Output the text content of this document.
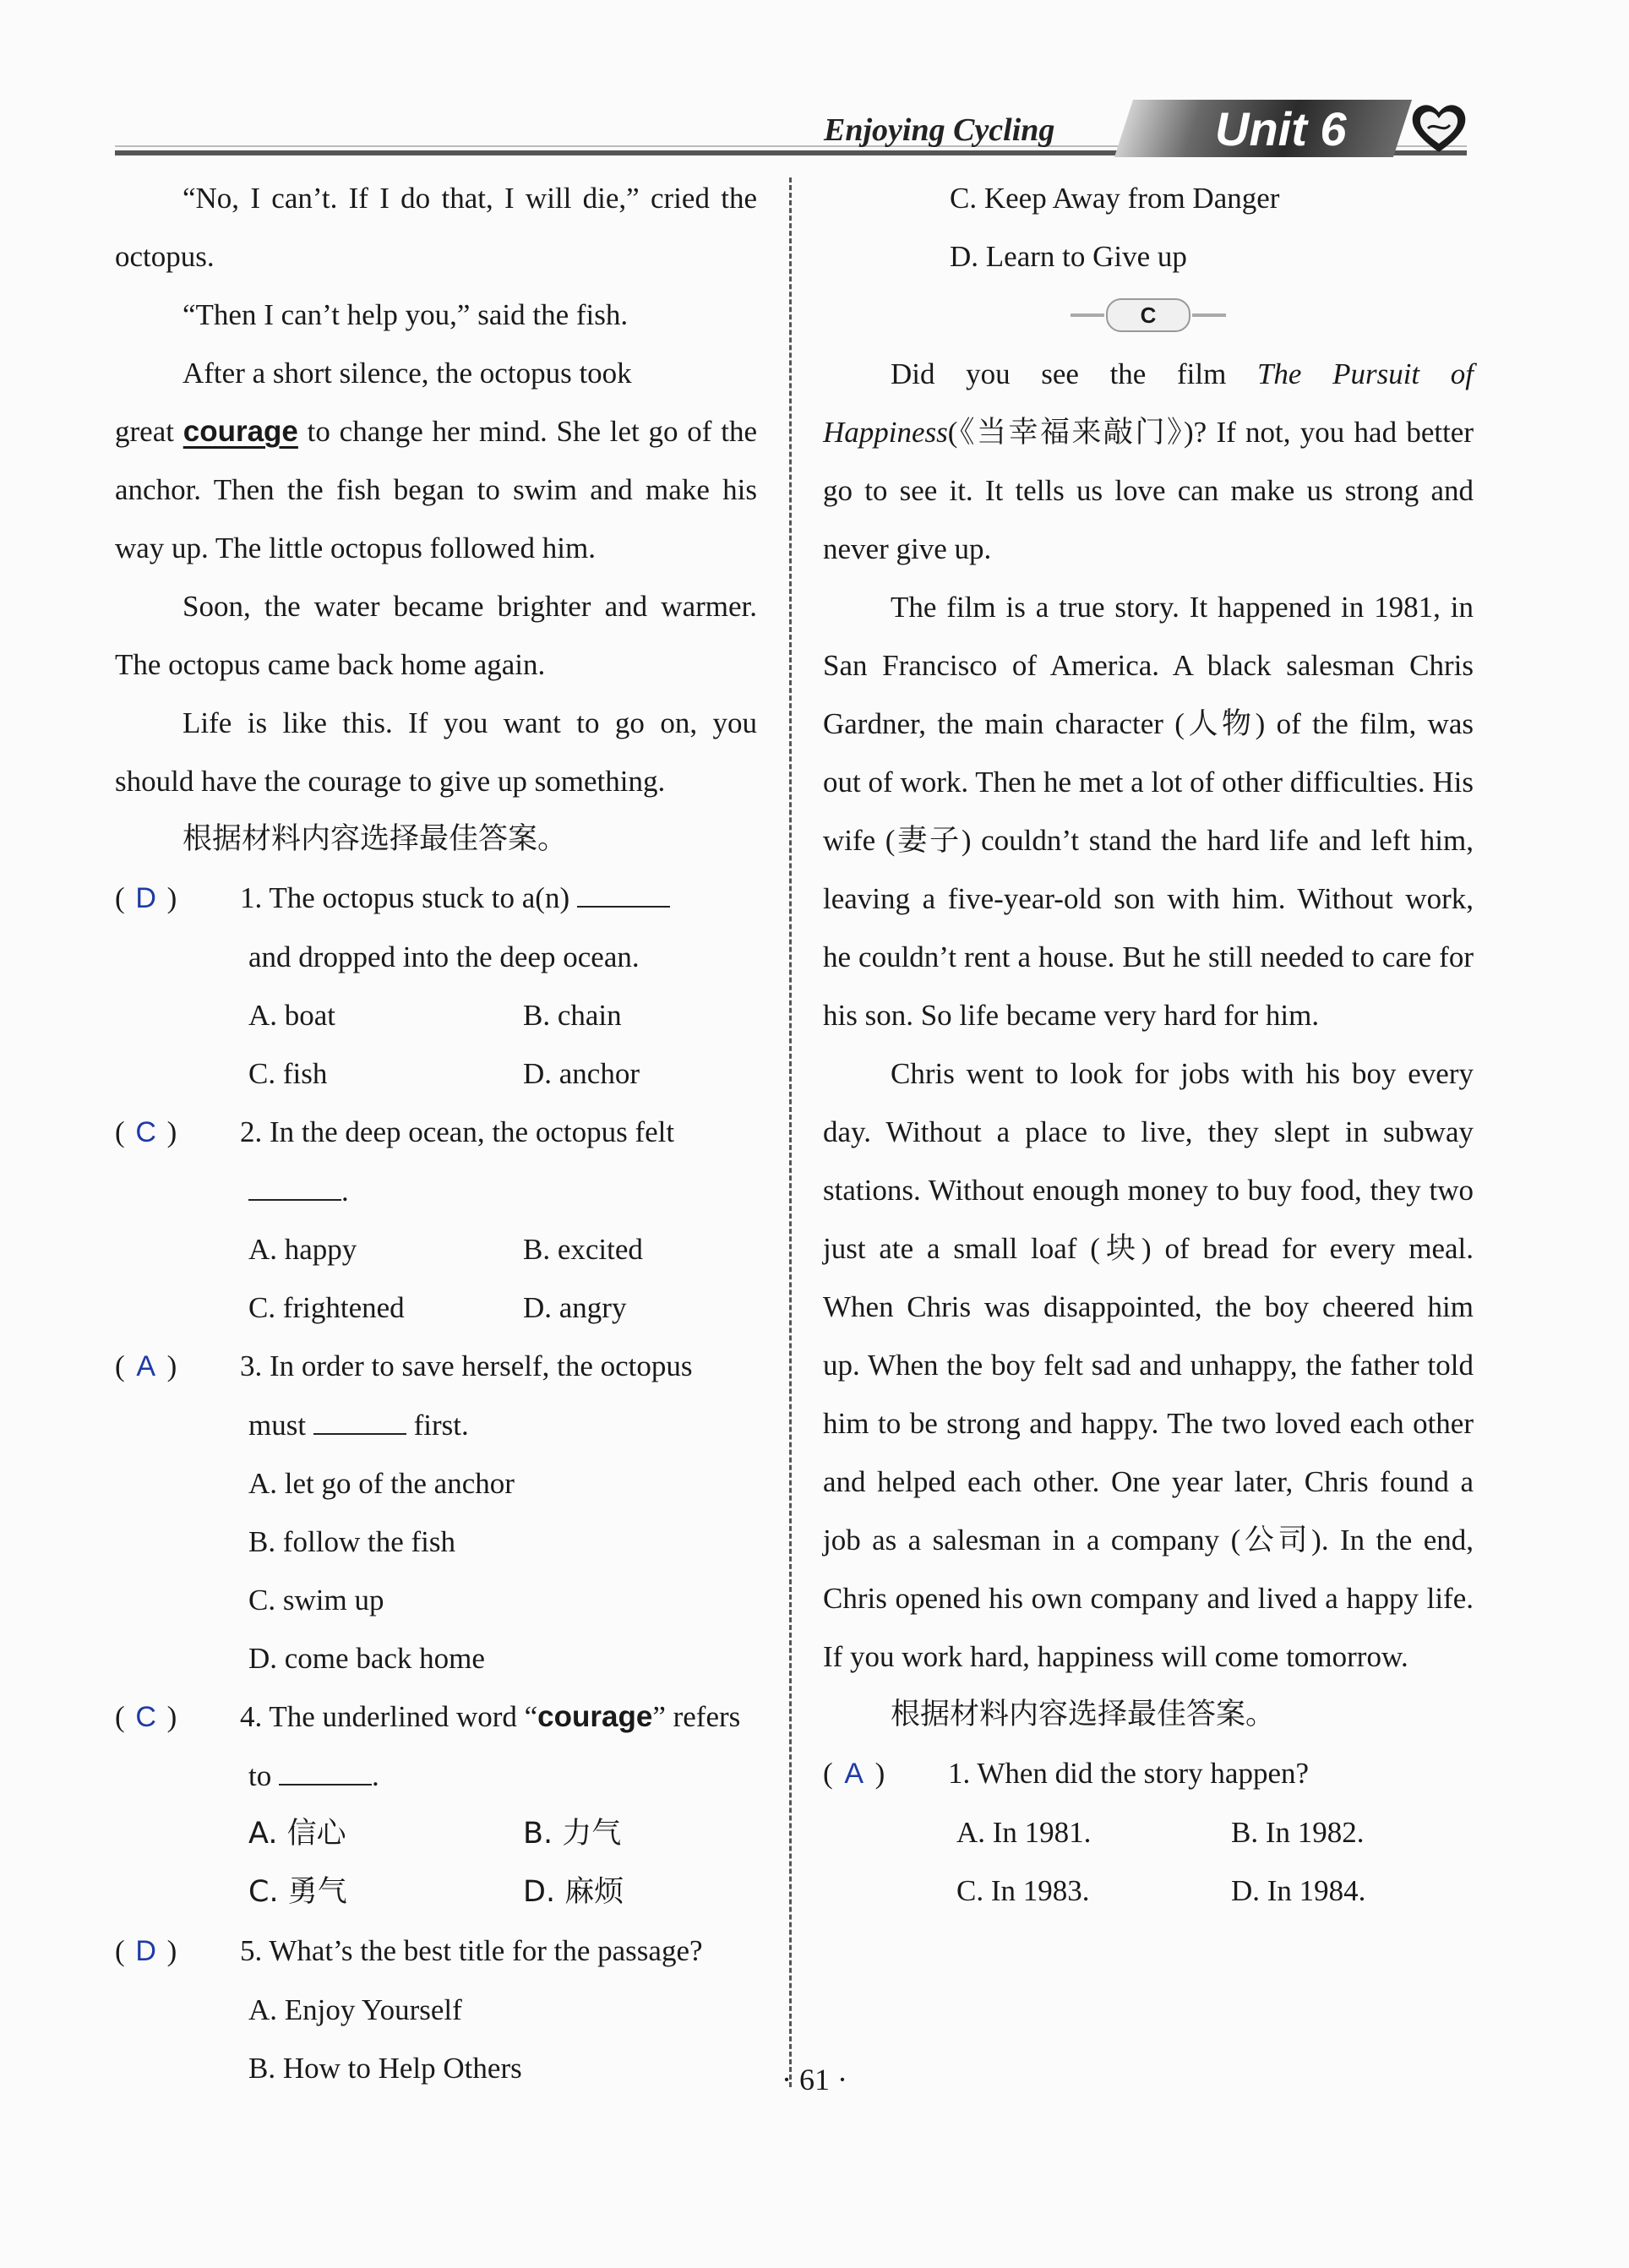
Enjoying Cycling	Unit 6

“No, I can’t. If I do that, I will die,” cried the octopus.

“Then I can’t help you,” said the fish.

After a short silence, the octopus took

great courage to change her mind. She let go of the anchor. Then the fish began to swim and make his way up. The little octopus followed him.

Soon, the water became brighter and warmer. The octopus came back home again.

Life is like this. If you want to go on, you should have the courage to give up something.

根据材料内容选择最佳答案。
( D )	1. The octopus stuck to a(n)
and dropped into the deep ocean.
A. boat	B. chain
C. fish	D. anchor
( C )	2. In the deep ocean, the octopus felt
.
A. happy	B. excited
C. frightened	D. angry
( A )	3. In order to save herself, the octopus
must	first.
A. let go of the anchor
B. follow the fish
C. swim up
D. come back home
( C )	4. The underlined word “courage” refers
to	.
A. 信心	B. 力气
C. 勇气	D. 麻烦
( D )	5. What’s the best title for the passage?
A. Enjoy Yourself
B. How to Help Others
C. Keep Away from Danger
D. Learn to Give up
C

Did you see the film The Pursuit of Happiness(《当幸福来敲门》)? If not, you had better go to see it. It tells us love can make us strong and never give up.

The film is a true story. It happened in 1981, in San Francisco of America. A black salesman Chris Gardner, the main character (人物) of the film, was out of work. Then he met a lot of other difficulties. His wife (妻子) couldn’t stand the hard life and left him, leaving a five-year-old son with him. Without work, he couldn’t rent a house. But he still needed to care for his son. So life became very hard for him.

Chris went to look for jobs with his boy every day. Without a place to live, they slept in subway stations. Without enough money to buy food, they two just ate a small loaf (块) of bread for every meal. When Chris was disappointed, the boy cheered him up. When the boy felt sad and unhappy, the father told him to be strong and happy. The two loved each other and helped each other. One year later, Chris found a job as a salesman in a company (公司). In the end, Chris opened his own company and lived a happy life. If you work hard, happiness will come tomorrow.

根据材料内容选择最佳答案。
( A )	1. When did the story happen?
A. In 1981.	B. In 1982.
C. In 1983.	D. In 1984.
· 61 ·
